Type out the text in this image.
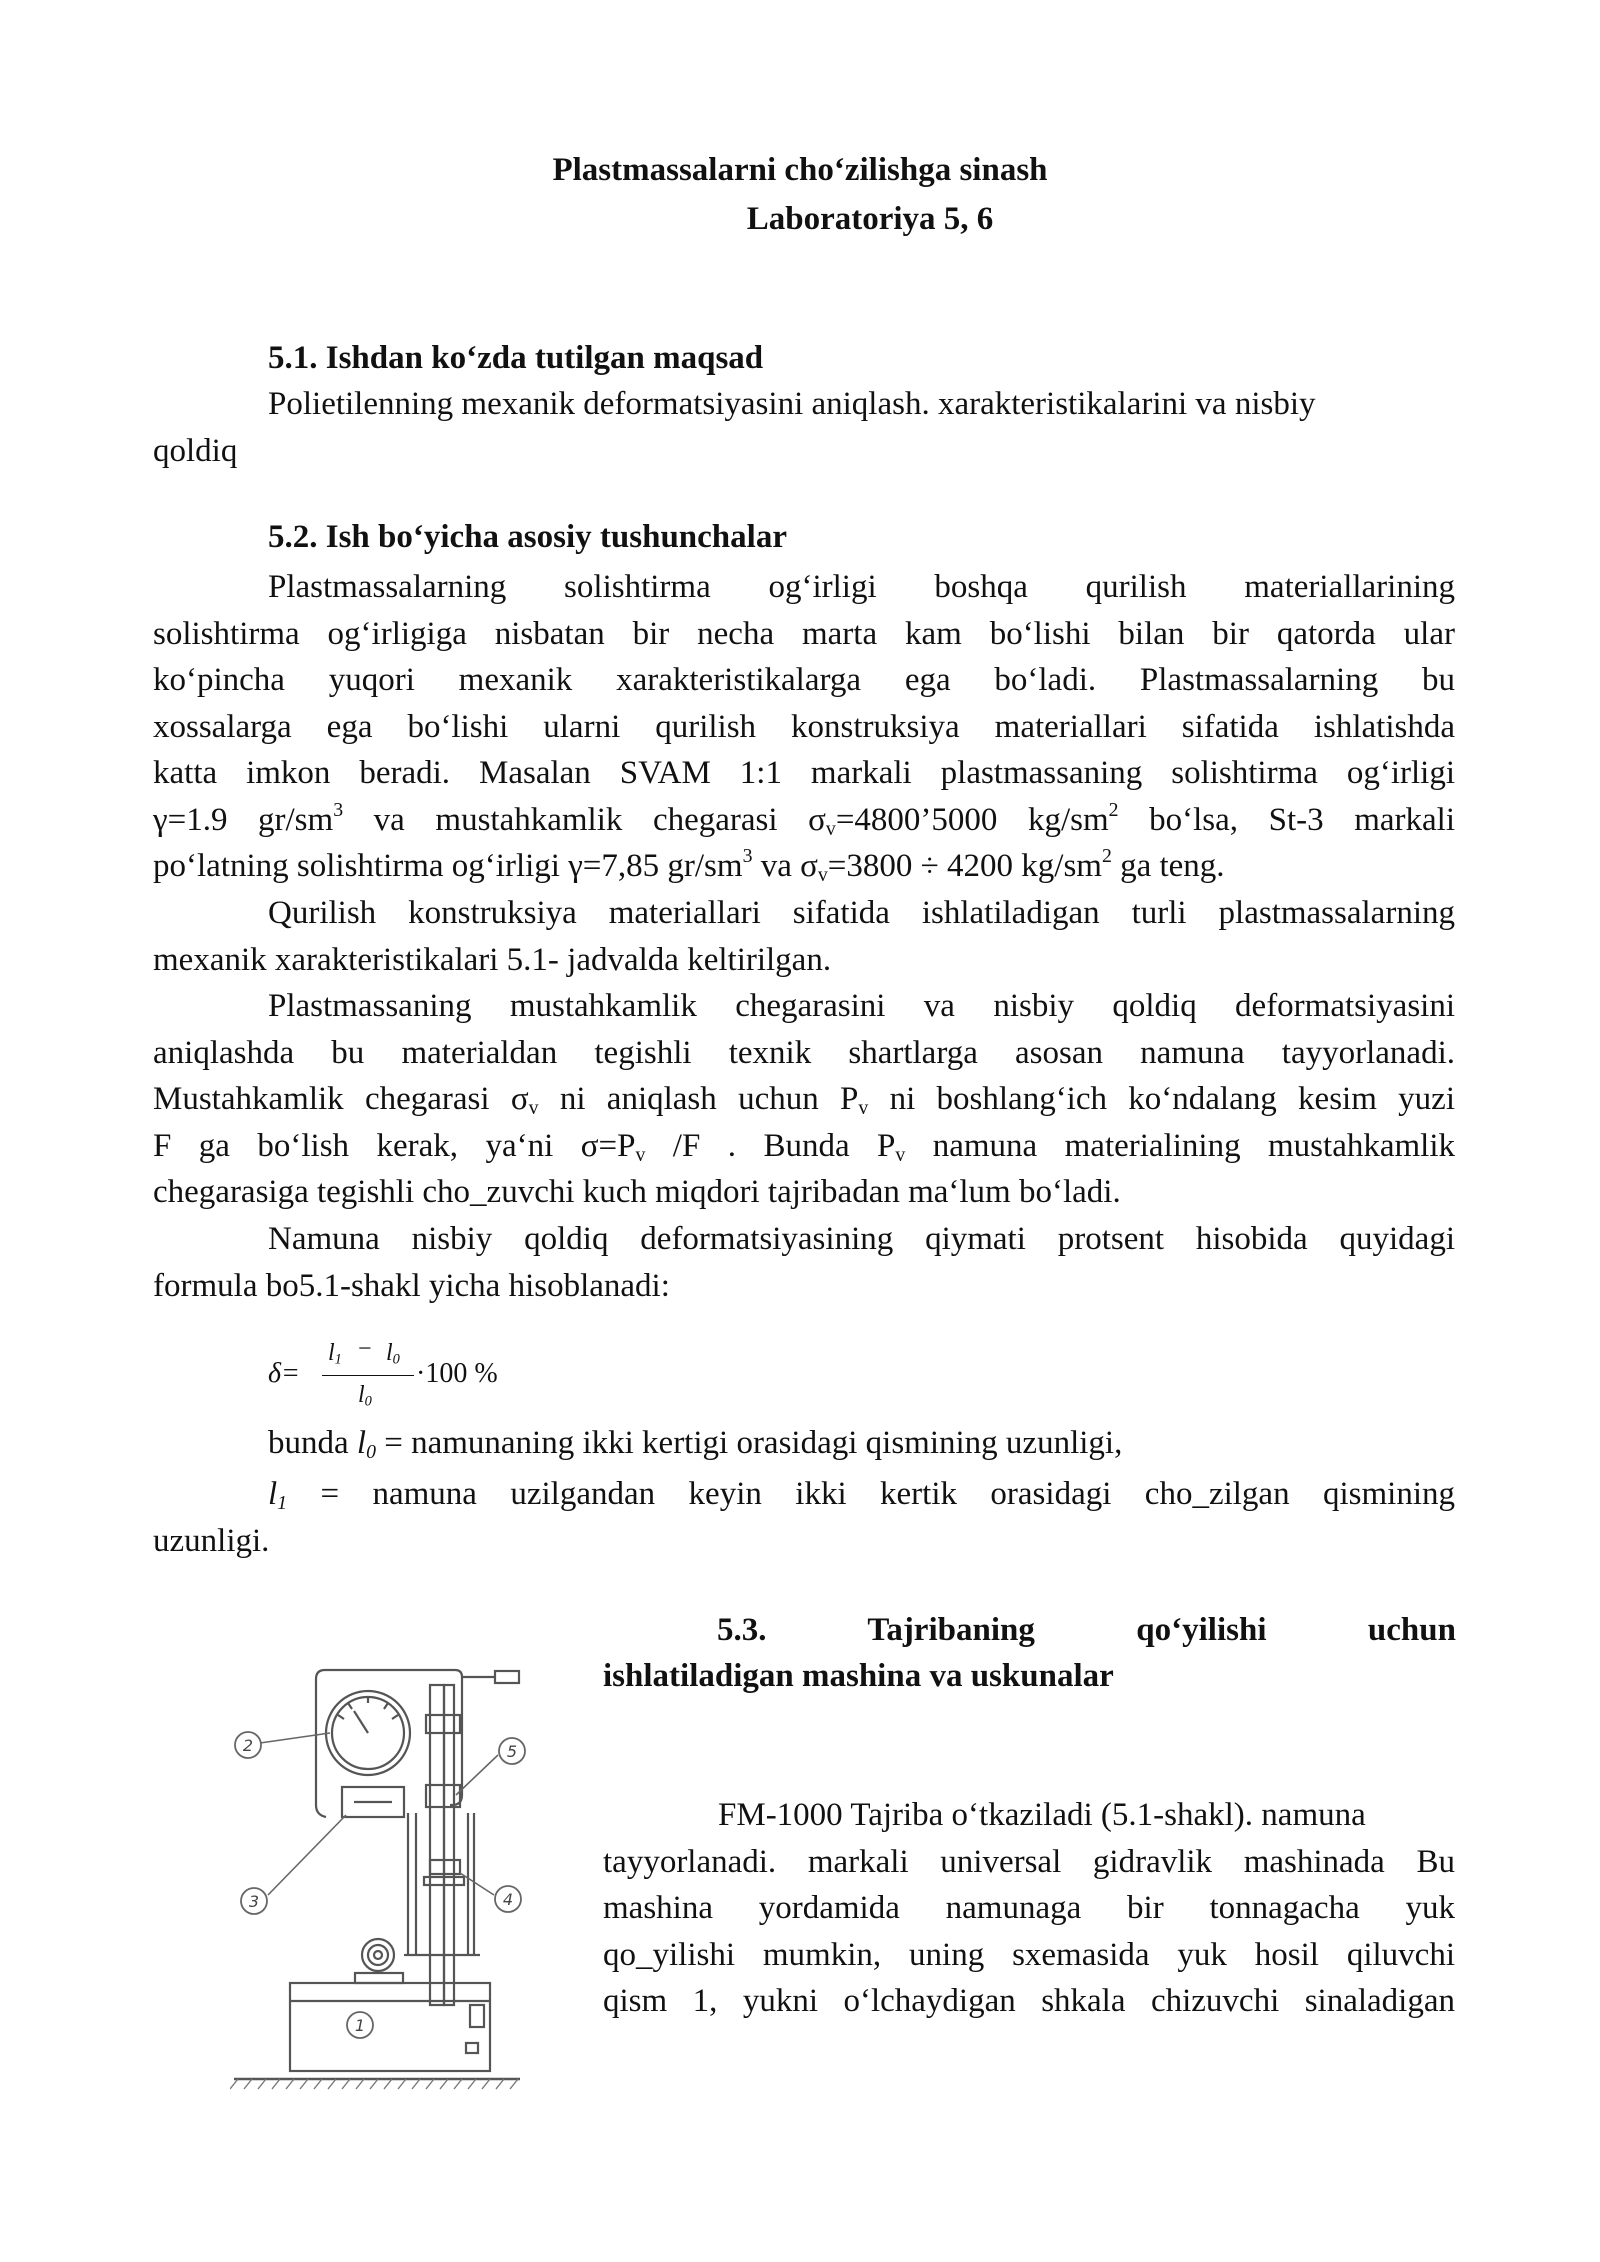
Plastmassalarni cho‘zilishga sinash
Laboratoriya 5, 6
5.1. Ishdan ko‘zda tutilgan maqsad
Polietilenning mexanik deformatsiyasini aniqlash. xarakteristikalarini va nisbiy
qoldiq
5.2. Ish bo‘yicha asosiy tushunchalar
Plastmassalarning solishtirma og‘irligi boshqa qurilish materiallarining
solishtirma og‘irligiga nisbatan bir necha marta kam bo‘lishi bilan bir qatorda ular
ko‘pincha yuqori mexanik xarakteristikalarga ega bo‘ladi. Plastmassalarning bu
xossalarga ega bo‘lishi ularni qurilish konstruksiya materiallari sifatida ishlatishda
katta imkon beradi. Masalan SVAM 1:1 markali plastmassaning solishtirma og‘irligi
γ=1.9 $gr/sm^3$ va mustahkamlik chegarasi $\sigma_v=4800’5000$ $kg/sm^2$ bo‘lsa, St-3 markali
po‘latning solishtirma og‘irligi γ=7,85 $gr/sm^3$ va $\sigma_v=3800 \div 4200$ $kg/sm^2$ ga teng.
Qurilish konstruksiya materiallari sifatida ishlatiladigan turli plastmassalarning
mexanik xarakteristikalari 5.1- jadvalda keltirilgan.
Plastmassaning mustahkamlik chegarasini va nisbiy qoldiq deformatsiyasini
aniqlashda bu materialdan tegishli texnik shartlarga asosan namuna tayyorlanadi.
Mustahkamlik chegarasi $\sigma_v$ ni aniqlash uchun $P_v$ ni boshlang‘ich ko‘ndalang kesim yuzi
F ga bo‘lish kerak, ya‘ni $\sigma=P_v$ /F . Bunda $P_v$ namuna materialining mustahkamlik
chegarasiga tegishli cho_zuvchi kuch miqdori tajribadan ma‘lum bo‘ladi.
Namuna nisbiy qoldiq deformatsiyasining qiymati protsent hisobida quyidagi
formula bo5.1-shakl yicha hisoblanadi:
δ=
$l_1 - l_0$
$l_0$
·100 %
bunda $l_0$ = namunaning ikki kertigi orasidagi qismining uzunligi,
$l_1$ = namuna uzilgandan keyin ikki kertik orasidagi cho_zilgan qismining
uzunligi.
5.3. Tajribaning qo‘yilishi uchun
ishlatiladigan mashina va uskunalar
FM-1000 Tajriba o‘tkaziladi (5.1-shakl). namuna
tayyorlanadi. markali universal gidravlik mashinada Bu
mashina yordamida namunaga bir tonnagacha yuk
qo_yilishi mumkin, uning sxemasida yuk hosil qiluvchi
qism 1, yukni o‘lchaydigan shkala chizuvchi sinaladigan
1
2
3	4
5
